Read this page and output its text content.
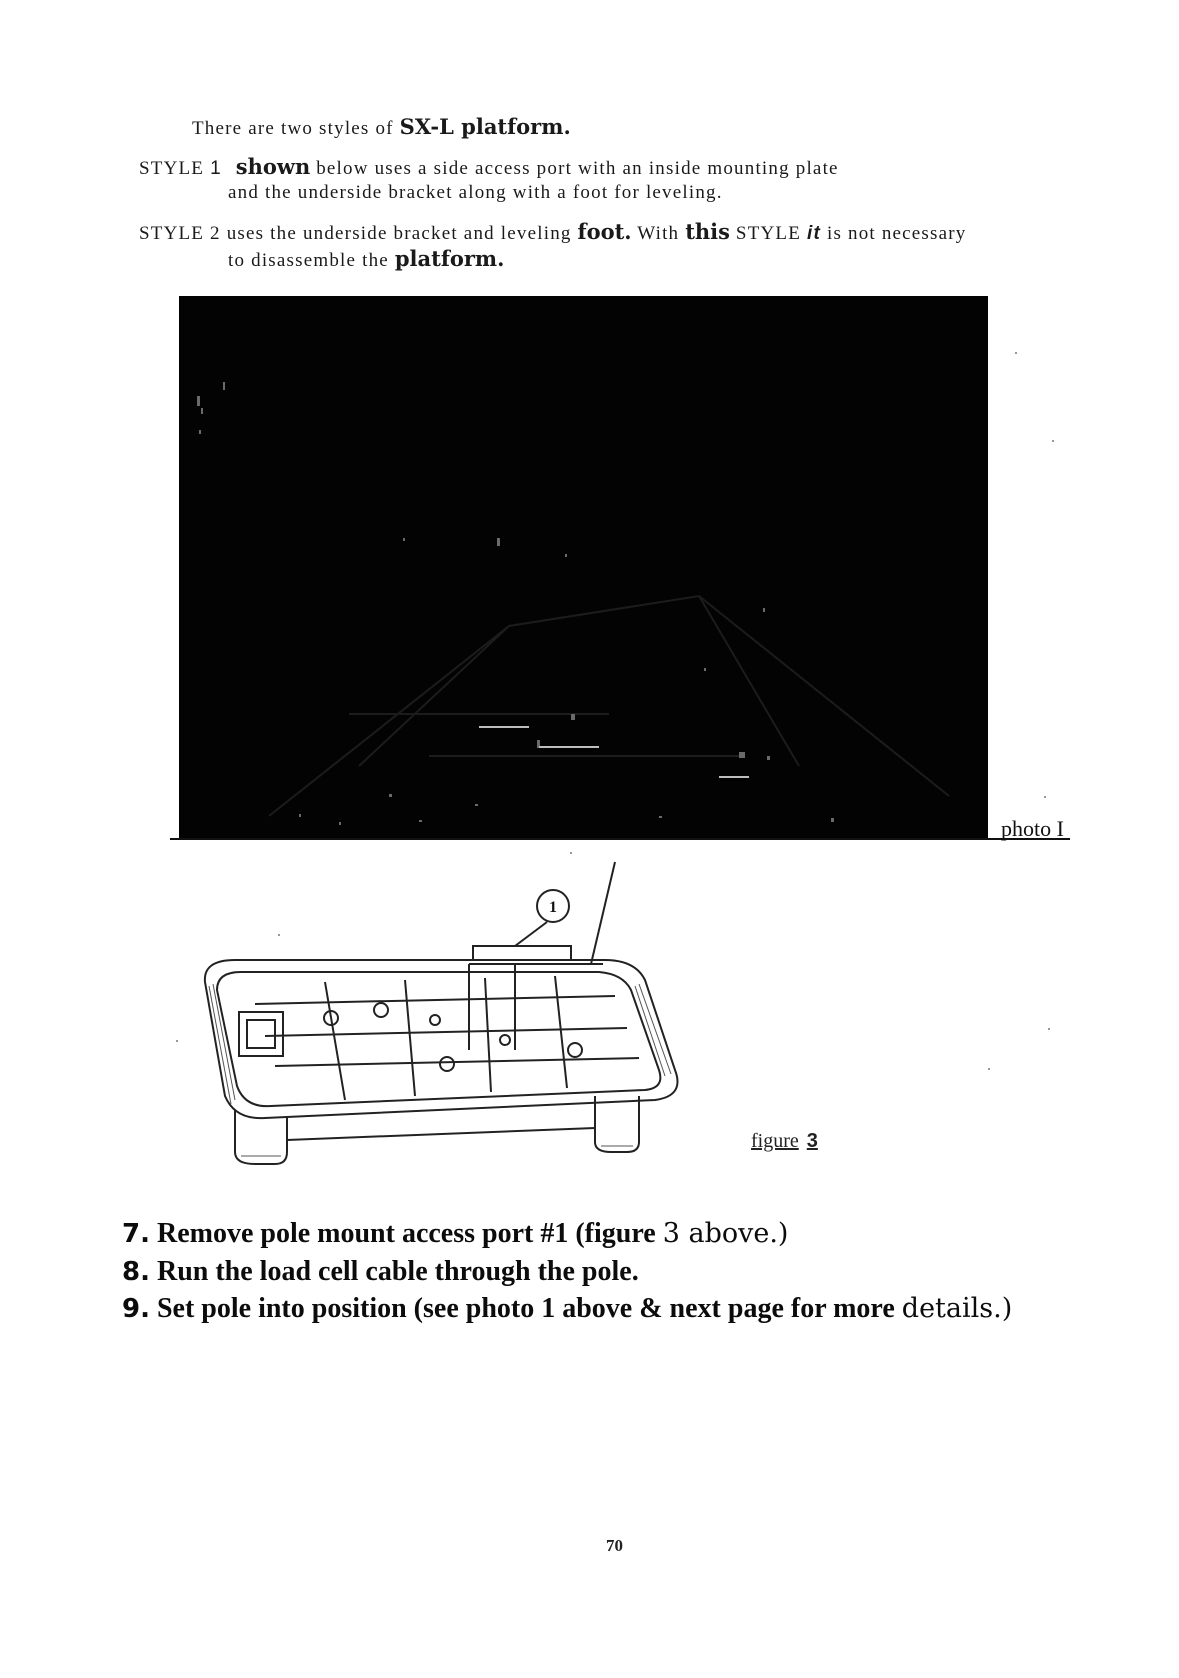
There are two styles of SX-L platform.
STYLE 1 shown below uses a side access port with an inside mounting plate
and the underside bracket along with a foot for leveling.
STYLE 2 uses the underside bracket and leveling foot. With this STYLE it is not necessary
to disassemble the platform.
photo I
1
figure 3
7. Remove pole mount access port #1 (figure 3 above.)
8. Run the load cell cable through the pole.
9. Set pole into position (see photo 1 above & next page for more details.)
70
